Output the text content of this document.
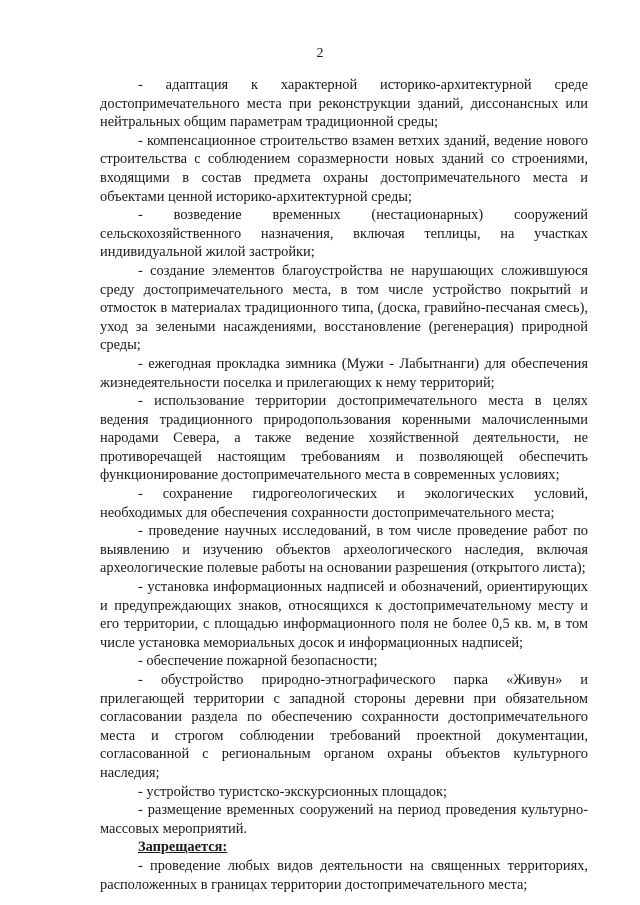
2

- адаптация к характерной историко-архитектурной среде достопримечательного места при реконструкции зданий, диссонансных или нейтральных общим параметрам традиционной среды;

- компенсационное строительство взамен ветхих зданий, ведение нового строительства с соблюдением соразмерности новых зданий со строениями, входящими в состав предмета охраны достопримечательного места и объектами ценной историко-архитектурной среды;

- возведение временных (нестационарных) сооружений сельскохозяйственного назначения, включая теплицы, на участках индивидуальной жилой застройки;

- создание элементов благоустройства не нарушающих сложившуюся среду достопримечательного места, в том числе устройство покрытий и отмосток в материалах традиционного типа, (доска, гравийно-песчаная смесь), уход за зелеными насаждениями, восстановление (регенерация) природной среды;

- ежегодная прокладка зимника (Мужи - Лабытнанги) для обеспечения жизнедеятельности поселка и прилегающих к нему территорий;

- использование территории достопримечательного места в целях ведения традиционного природопользования коренными малочисленными народами Севера, а также ведение хозяйственной деятельности, не противоречащей настоящим требованиям и позволяющей обеспечить функционирование достопримечательного места в современных условиях;

- сохранение гидрогеологических и экологических условий, необходимых для обеспечения сохранности достопримечательного места;

- проведение научных исследований, в том числе проведение работ по выявлению и изучению объектов археологического наследия, включая археологические полевые работы на основании разрешения (открытого листа);

- установка информационных надписей и обозначений, ориентирующих и предупреждающих знаков, относящихся к достопримечательному месту и его территории, с площадью информационного поля не более 0,5 кв. м, в том числе установка мемориальных досок и информационных надписей;

- обеспечение пожарной безопасности;

- обустройство природно-этнографического парка «Живун» и прилегающей территории с западной стороны деревни при обязательном согласовании раздела по обеспечению сохранности достопримечательного места и строгом соблюдении требований проектной документации, согласованной с региональным органом охраны объектов культурного наследия;

- устройство туристско-экскурсионных площадок;

- размещение временных сооружений на период проведения культурно-массовых мероприятий.

Запрещается:

- проведение любых видов деятельности на священных территориях, расположенных в границах территории достопримечательного места;
